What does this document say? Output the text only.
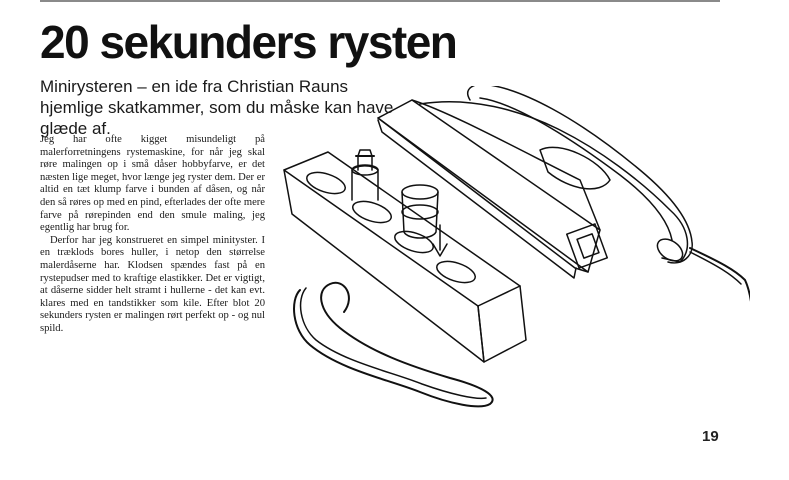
20 sekunders rysten

Minirysteren – en ide fra Christian Rauns hjemlige skatkammer, som du måske kan have glæde af.

Jeg har ofte kigget misundeligt på malerforretningens rystemaskine, for når jeg skal røre malingen op i små dåser hobbyfarve, er det næsten lige meget, hvor længe jeg ryster dem. Der er altid en tæt klump farve i bunden af dåsen, og når den så røres op med en pind, efterlades der ofte mere farve på rørepinden end den smule maling, jeg egentlig har brug for.

Derfor har jeg konstrueret en simpel minityster. I en træklods bores huller, i netop den størrelse malerdåserne har. Klodsen spændes fast på en rystepudser med to kraftige elastikker. Det er vigtigt, at dåserne sidder helt stramt i hullerne - det kan evt. klares med en tandstikker som kile. Efter blot 20 sekunders rysten er malingen rørt perfekt op - og nul spild.

19
